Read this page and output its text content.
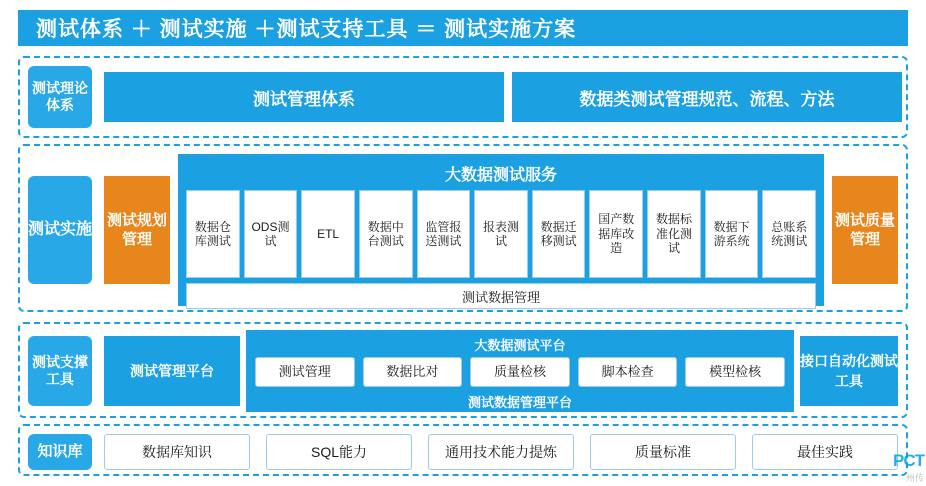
测试体系 ＋ 测试实施 ＋测试支持工具 ＝ 测试实施方案
测试理论体系	测试管理体系	数据类测试管理规范、流程、方法
测试实施
测试规划管理
大数据测试服务
数据仓库测试
ODS测试
ETL
数据中台测试
监管报送测试
报表测试
数据迁移测试
国产数据库改造
数据标准化测试
数据下游系统
总账系统测试
测试数据管理
测试质量管理
测试支撑工具	测试管理平台
大数据测试平台
测试管理	数据比对	质量检核	脚本检查	模型检核
测试数据管理平台
接口自动化测试工具
知识库	数据库知识	SQL能力	通用技术能力提炼	质量标准	最佳实践	PCT
州传
